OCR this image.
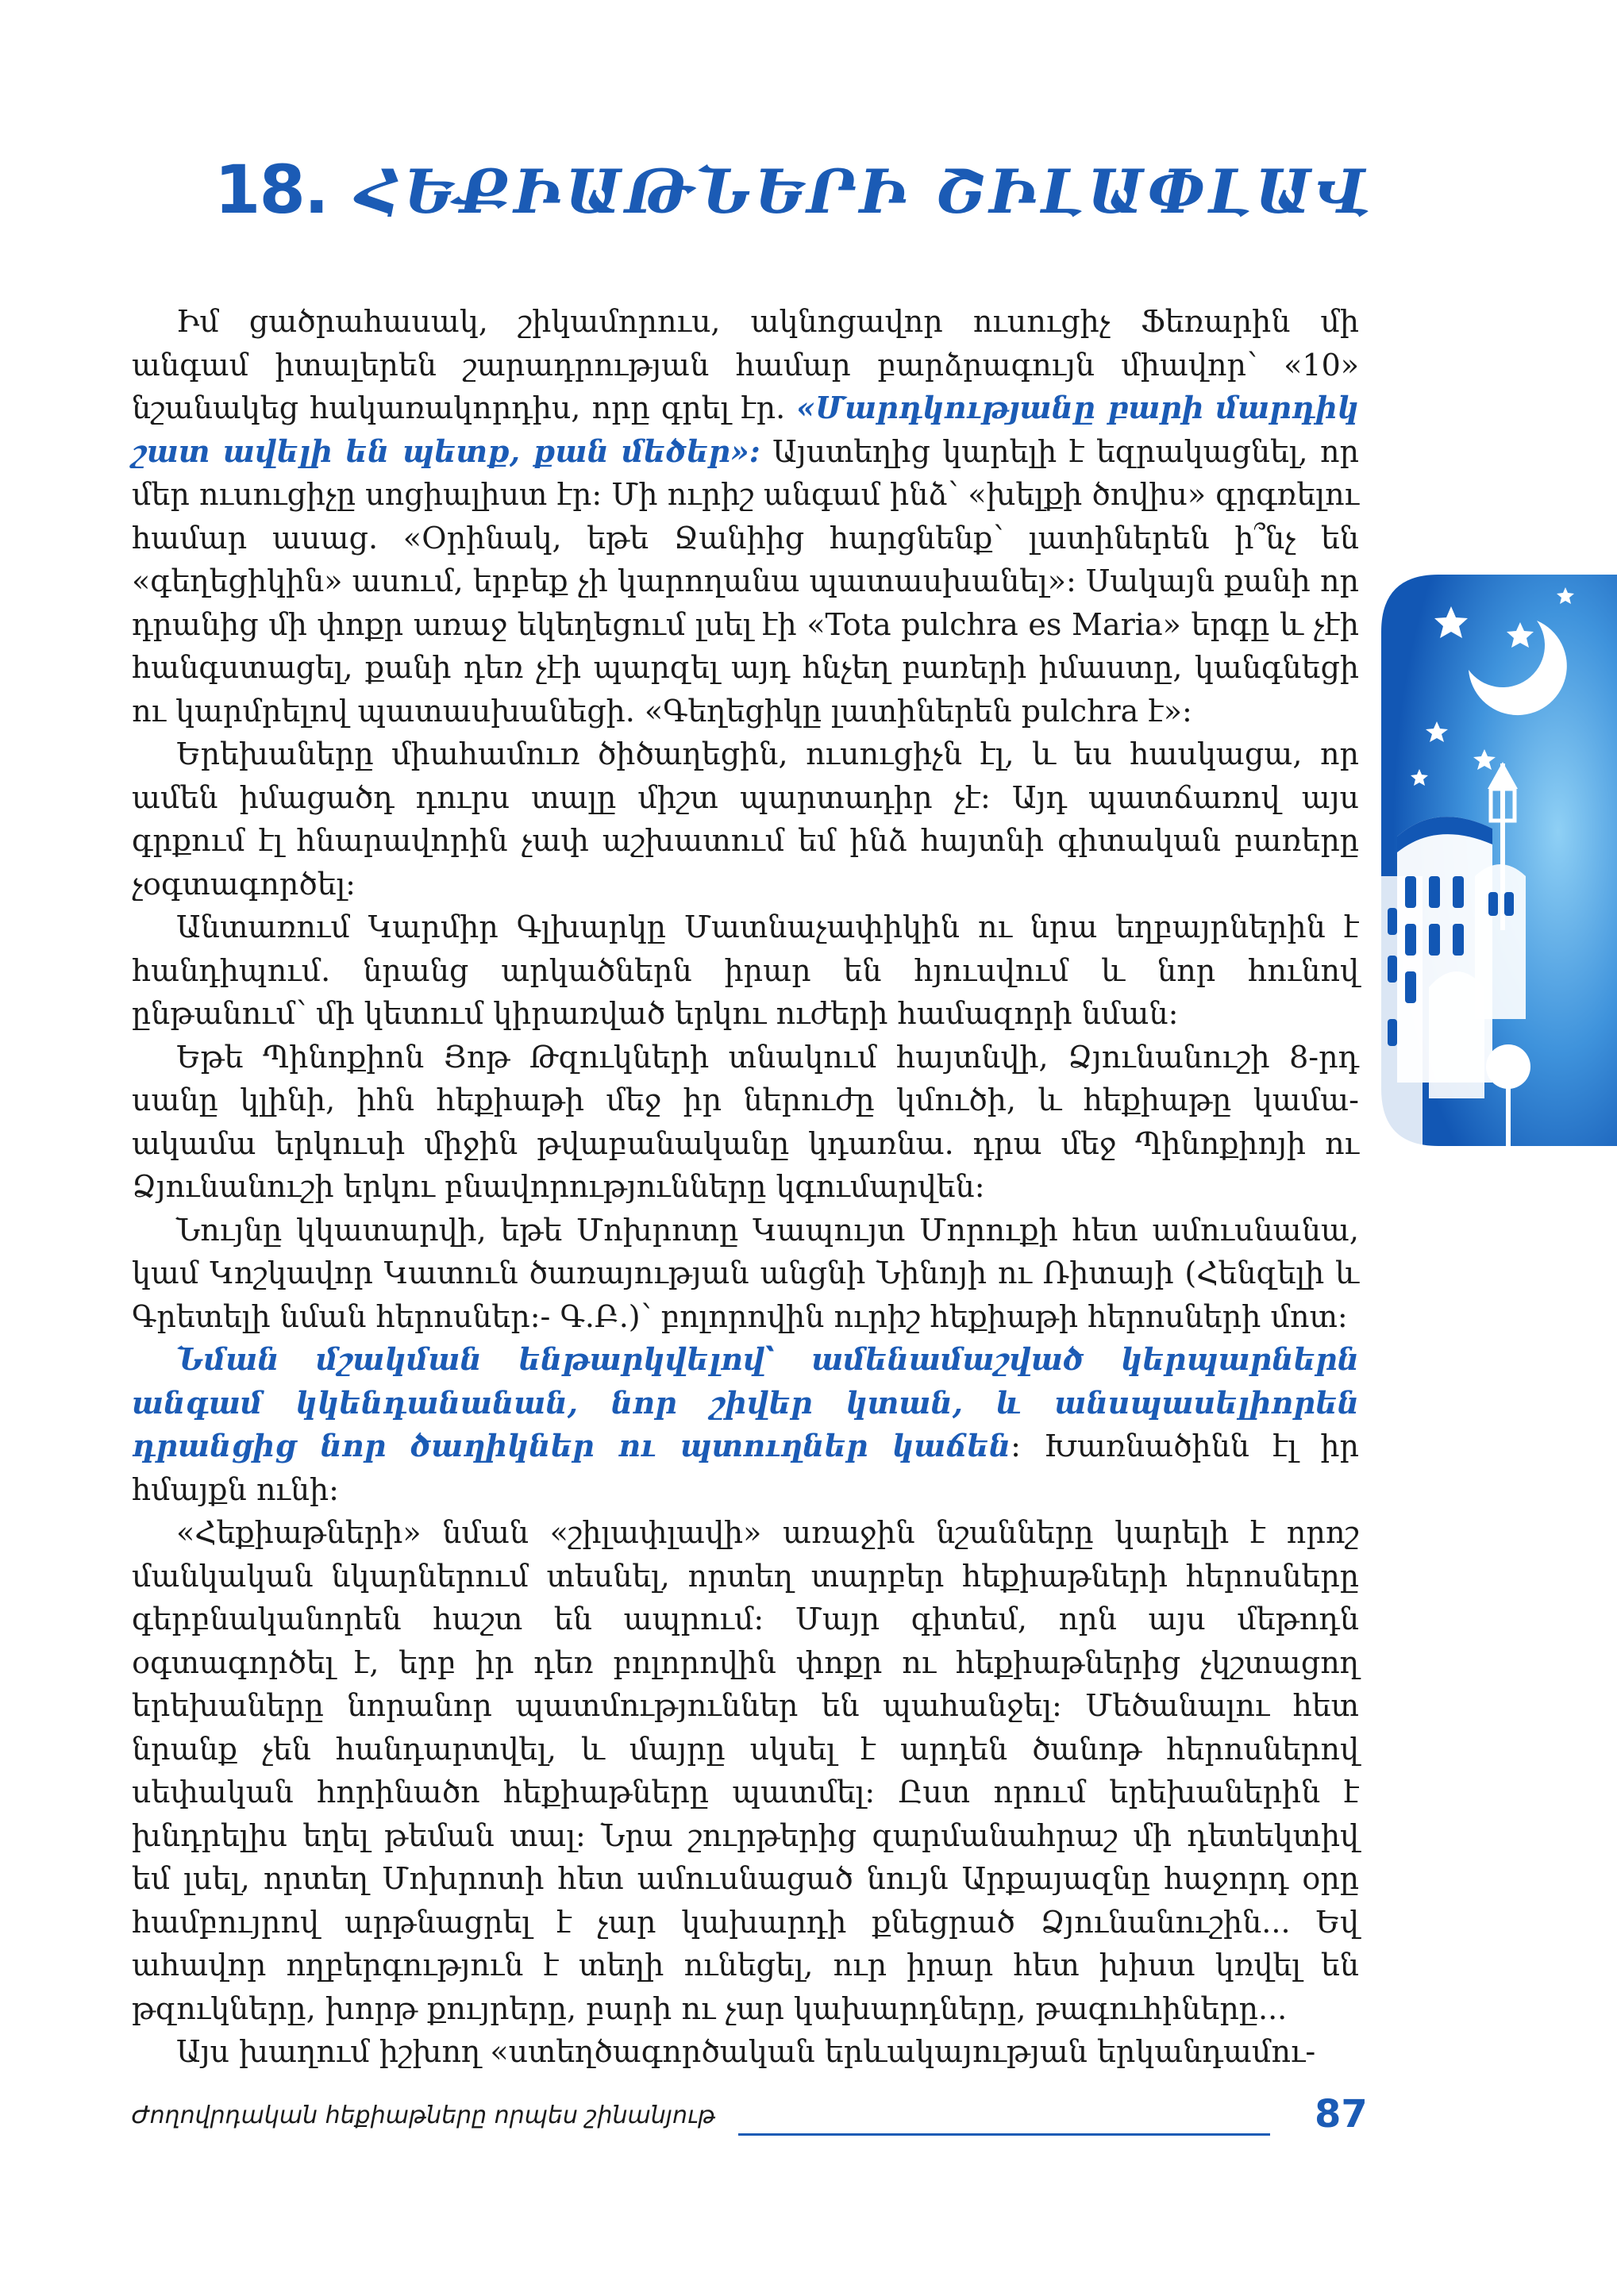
18. ՀԵՔԻԱԹՆԵՐԻ ՇԻԼԱՓԼԱՎ

Իմ ցածրահասակ, շիկամորուս, ակնոցավոր ուսուցիչ Ֆեռարին մի անգամ իտալերեն շարադրության համար բարձրագույն միավոր՝ «10» նշանակեց հակառակորդիս, որը գրել էր. «Մարդկությանը բարի մարդիկ շատ ավելի են պետք, քան մեծեր»: Այստեղից կարելի է եզրակացնել, որ մեր ուսուցիչը սոցիալիստ էր: Մի ուրիշ անգամ ինձ՝ «խելքի ծովիս» գրգռելու համար ասաց. «Օրինակ, եթե Ջանիից հարցնենք՝ լատիներեն ի՞նչ են «գեղեցիկին» ասում, երբեք չի կարողանա պատասխանել»: Սակայն քանի որ դրանից մի փոքր առաջ եկեղեցում լսել էի «Tota pulchra es Maria» երգը և չէի հանգստացել, քանի դեռ չէի պարզել այդ հնչեղ բառերի իմաստը, կանգնեցի ու կարմրելով պատասխանեցի. «Գեղեցիկը լատիներեն pulchra է»:

Երեխաները միահամուռ ծիծաղեցին, ուսուցիչն էլ, և ես հասկացա, որ ամեն իմացածդ դուրս տալը միշտ պարտադիր չէ: Այդ պատճառով այս գրքում էլ հնարավորին չափ աշխատում եմ ինձ հայտնի գիտական բառերը չօգտագործել:

Անտառում Կարմիր Գլխարկը Մատնաչափիկին ու նրա եղբայրներին է հանդիպում. նրանց արկածներն իրար են հյուսվում և նոր հունով ընթանում՝ մի կետում կիրառված երկու ուժերի համազորի նման:

Եթե Պինոքիոն Յոթ Թզուկների տնակում հայտնվի, Ձյունանուշի 8-րդ սանը կլինի, իհն հեքիաթի մեջ իր ներուժը կմուծի, և հեքիաթը կամա-ակամա երկուսի միջին թվաբանականը կդառնա. դրա մեջ Պինոքիոյի ու Ձյունանուշի երկու բնավորությունները կգումարվեն:

Նույնը կկատարվի, եթե Մոխրոտը Կապույտ Մորուքի հետ ամուսնանա, կամ Կոշկավոր Կատուն ծառայության անցնի Նինոյի ու Ռիտայի (Հենզելի և Գրետելի նման հերոսներ:- Գ.Բ.)՝ բոլորովին ուրիշ հեքիաթի հերոսների մոտ:

Նման մշակման ենթարկվելով՝ ամենամաշված կերպարներն անգամ կկենդանանան, նոր շիվեր կտան, և անսպասելիորեն դրանցից նոր ծաղիկներ ու պտուղներ կաճեն: Խառնածինն էլ իր հմայքն ունի:

«Հեքիաթների» նման «շիլափլավի» առաջին նշանները կարելի է որոշ մանկական նկարներում տեսնել, որտեղ տարբեր հեքիաթների հերոսները գերբնականորեն հաշտ են ապրում: Մայր գիտեմ, որն այս մեթոդն օգտագործել է, երբ իր դեռ բոլորովին փոքր ու հեքիաթներից չկշտացող երեխաները նորանոր պատմություններ են պահանջել: Մեծանալու հետ նրանք չեն հանդարտվել, և մայրը սկսել է արդեն ծանոթ հերոսներով սեփական հորինածո հեքիաթները պատմել: Ըստ որում երեխաներին է խնդրելիս եղել թեման տալ: Նրա շուրթերից զարմանահրաշ մի դետեկտիվ եմ լսել, որտեղ Մոխրոտի հետ ամուսնացած նույն Արքայազնը հաջորդ օրը համբույրով արթնացրել է չար կախարդի քնեցրած Ձյունանուշին... Եվ ահավոր ողբերգություն է տեղի ունեցել, ուր իրար հետ խիստ կռվել են թզուկները, խորթ քույրերը, բարի ու չար կախարդները, թագուհիները...

Այս խաղում իշխող «ստեղծագործական երևակայության երկանդամու-

Ժողովրդական հեքիաթները որպես շինանյութ	87
